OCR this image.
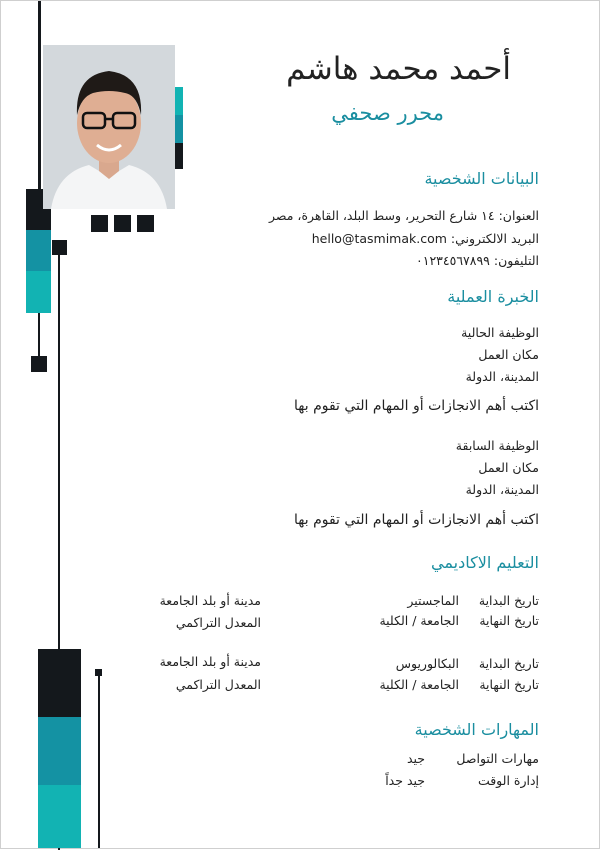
أحمد محمد هاشم
محرر صحفي
البيانات الشخصية
العنوان: ١٤ شارع التحرير، وسط البلد، القاهرة، مصر
البريد الالكتروني: hello@tasmimak.com
التليفون: ٠١٢٣٤٥٦٧٨٩٩
الخبرة العملية
الوظيفة الحالية
مكان العمل
المدينة، الدولة
اكتب أهم الانجازات أو المهام التي تقوم بها
الوظيفة السابقة
مكان العمل
المدينة، الدولة
اكتب أهم الانجازات أو المهام التي تقوم بها
التعليم الاكاديمي
تاريخ البداية
تاريخ النهاية
الماجستير
الجامعة / الكلية
مدينة أو بلد الجامعة
المعدل التراكمي
تاريخ البداية
تاريخ النهاية
البكالوريوس
الجامعة / الكلية
مدينة أو بلد الجامعة
المعدل التراكمي
المهارات الشخصية
مهارات التواصل
جيد
إدارة الوقت
جيد جداً
